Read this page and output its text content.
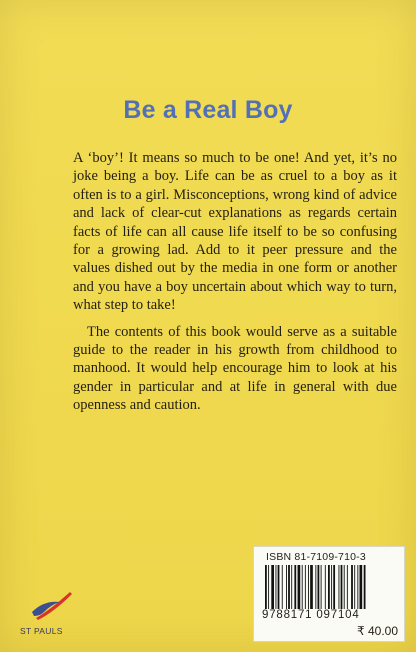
Be a Real Boy

A ‘boy’! It means so much to be one! And yet, it’s no joke being a boy. Life can be as cruel to a boy as it often is to a girl. Misconceptions, wrong kind of advice and lack of clear-cut explanations as regards certain facts of life can all cause life itself to be so confusing for a growing lad. Add to it peer pressure and the values dished out by the media in one form or another and you have a boy uncertain about which way to turn, what step to take!

The contents of this book would serve as a suitable guide to the reader in his growth from childhood to manhood. It would help encourage him to look at his gender in particular and at life in general with due openness and caution.

ST PAULS
ISBN 81-7109-710-3
9788171 097104
₹ 40.00
